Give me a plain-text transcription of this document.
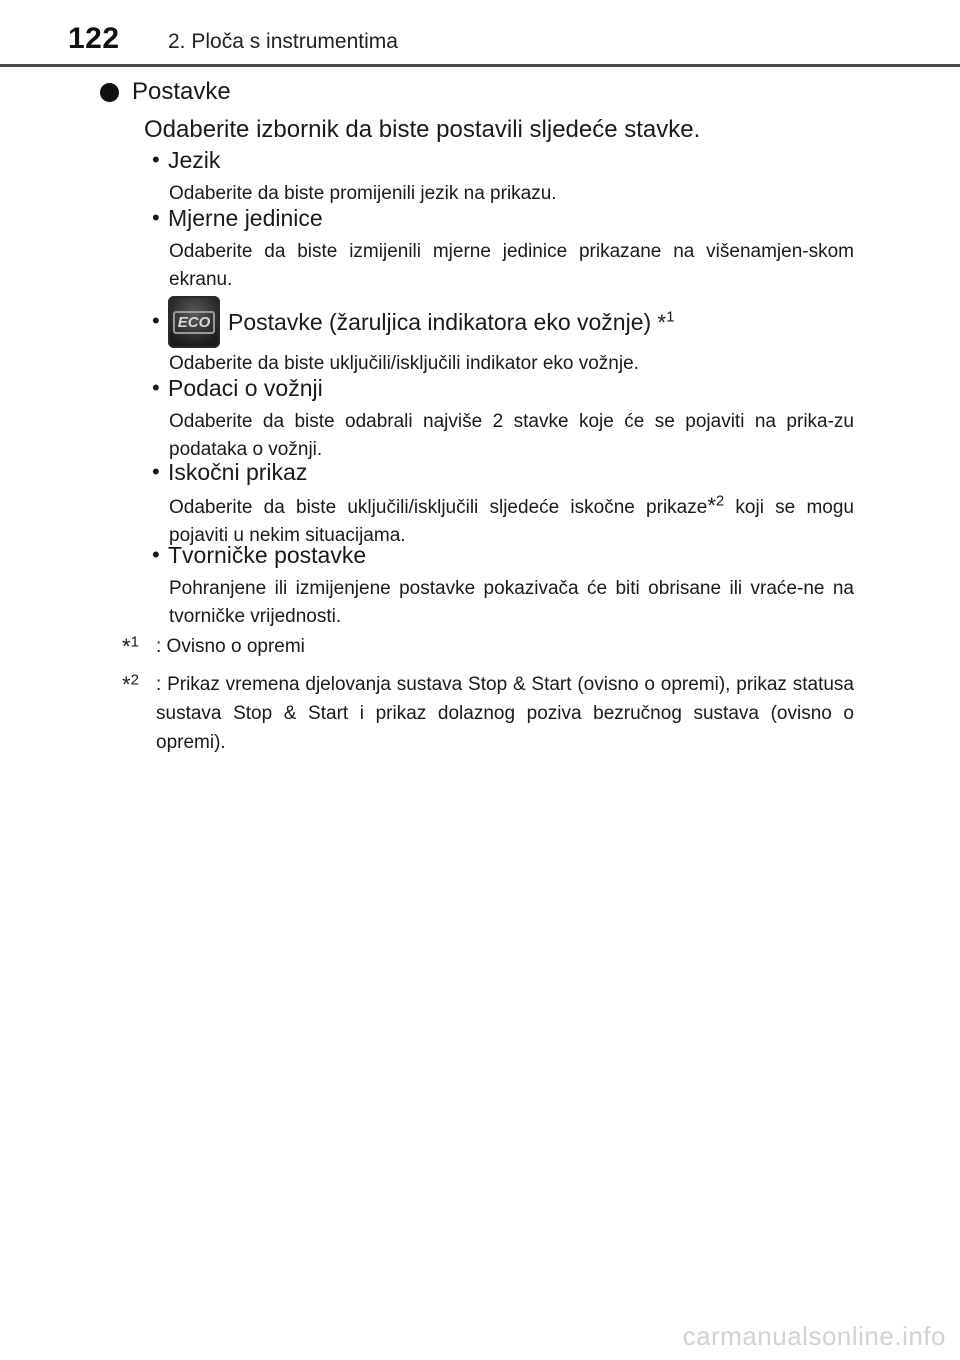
122 2. Ploča s instrumentima
Postavke
Odaberite izbornik da biste postavili sljedeće stavke.
• Jezik
Odaberite da biste promijenili jezik na prikazu.
• Mjerne jedinice
Odaberite da biste izmijenili mjerne jedinice prikazane na višenamjen-skom ekranu.
•	ECO Postavke (žaruljica indikatora eko vožnje) *$^1$
Odaberite da biste uključili/isključili indikator eko vožnje.
• Podaci o vožnji
Odaberite da biste odabrali najviše 2 stavke koje će se pojaviti na prika-zu podataka o vožnji.
• Iskočni prikaz
Odaberite da biste uključili/isključili sljedeće iskočne prikaze*$^2$ koji se mogu pojaviti u nekim situacijama.
• Tvorničke postavke
Pohranjene ili izmijenjene postavke pokazivača će biti obrisane ili vraće-ne na tvorničke vrijednosti.
*$^1$ : Ovisno o opremi
*$^2$ : Prikaz vremena djelovanja sustava Stop & Start (ovisno o opremi), prikaz statusa sustava Stop & Start i prikaz dolaznog poziva bezručnog sustava (ovisno o opremi).
carmanualsonline.info
